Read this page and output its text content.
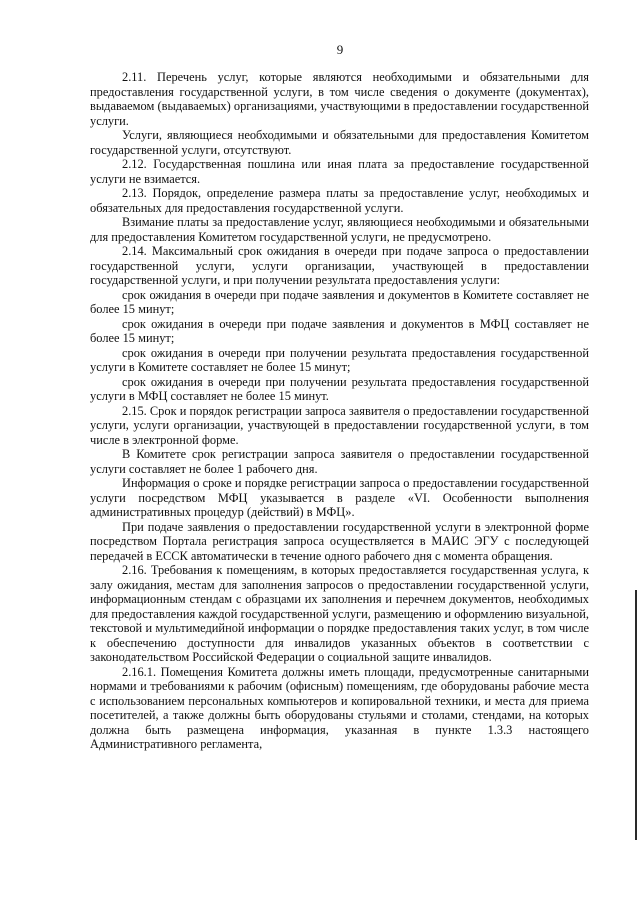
9

2.11. Перечень услуг, которые являются необходимыми и обязательными для предоставления государственной услуги, в том числе сведения о документе (документах), выдаваемом (выдаваемых) организациями, участвующими в предоставлении государственной услуги.

Услуги, являющиеся необходимыми и обязательными для предоставления Комитетом государственной услуги, отсутствуют.

2.12. Государственная пошлина или иная плата за предоставление государственной услуги не взимается.

2.13. Порядок, определение размера платы за предоставление услуг, необходимых и обязательных для предоставления государственной услуги.

Взимание платы за предоставление услуг, являющиеся необходимыми и обязательными для предоставления Комитетом государственной услуги, не предусмотрено.

2.14. Максимальный срок ожидания в очереди при подаче запроса о предоставлении государственной услуги, услуги организации, участвующей в предоставлении государственной услуги, и при получении результата предоставления услуги:

срок ожидания в очереди при подаче заявления и документов в Комитете составляет не более 15 минут;

срок ожидания в очереди при подаче заявления и документов в МФЦ составляет не более 15 минут;

срок ожидания в очереди при получении результата предоставления государственной услуги в Комитете составляет не более 15 минут;

срок ожидания в очереди при получении результата предоставления государственной услуги в МФЦ составляет не более 15 минут.

2.15. Срок и порядок регистрации запроса заявителя о предоставлении государственной услуги, услуги организации, участвующей в предоставлении государственной услуги, в том числе в электронной форме.

В Комитете срок регистрации запроса заявителя о предоставлении государственной услуги составляет не более 1 рабочего дня.

Информация о сроке и порядке регистрации запроса о предоставлении государственной услуги посредством МФЦ указывается в разделе «VI. Особенности выполнения административных процедур (действий) в МФЦ».

При подаче заявления о предоставлении государственной услуги в электронной форме посредством Портала регистрация запроса осуществляется в МАИС ЭГУ с последующей передачей в ЕССК автоматически в течение одного рабочего дня с момента обращения.

2.16. Требования к помещениям, в которых предоставляется государственная услуга, к залу ожидания, местам для заполнения запросов о предоставлении государственной услуги, информационным стендам с образцами их заполнения и перечнем документов, необходимых для предоставления каждой государственной услуги, размещению и оформлению визуальной, текстовой и мультимедийной информации о порядке предоставления таких услуг, в том числе к обеспечению доступности для инвалидов указанных объектов в соответствии с законодательством Российской Федерации о социальной защите инвалидов.

2.16.1. Помещения Комитета должны иметь площади, предусмотренные санитарными нормами и требованиями к рабочим (офисным) помещениям, где оборудованы рабочие места с использованием персональных компьютеров и копировальной техники, и места для приема посетителей, а также должны быть оборудованы стульями и столами, стендами, на которых должна быть размещена информация, указанная в пункте 1.3.3 настоящего Административного регламента,
